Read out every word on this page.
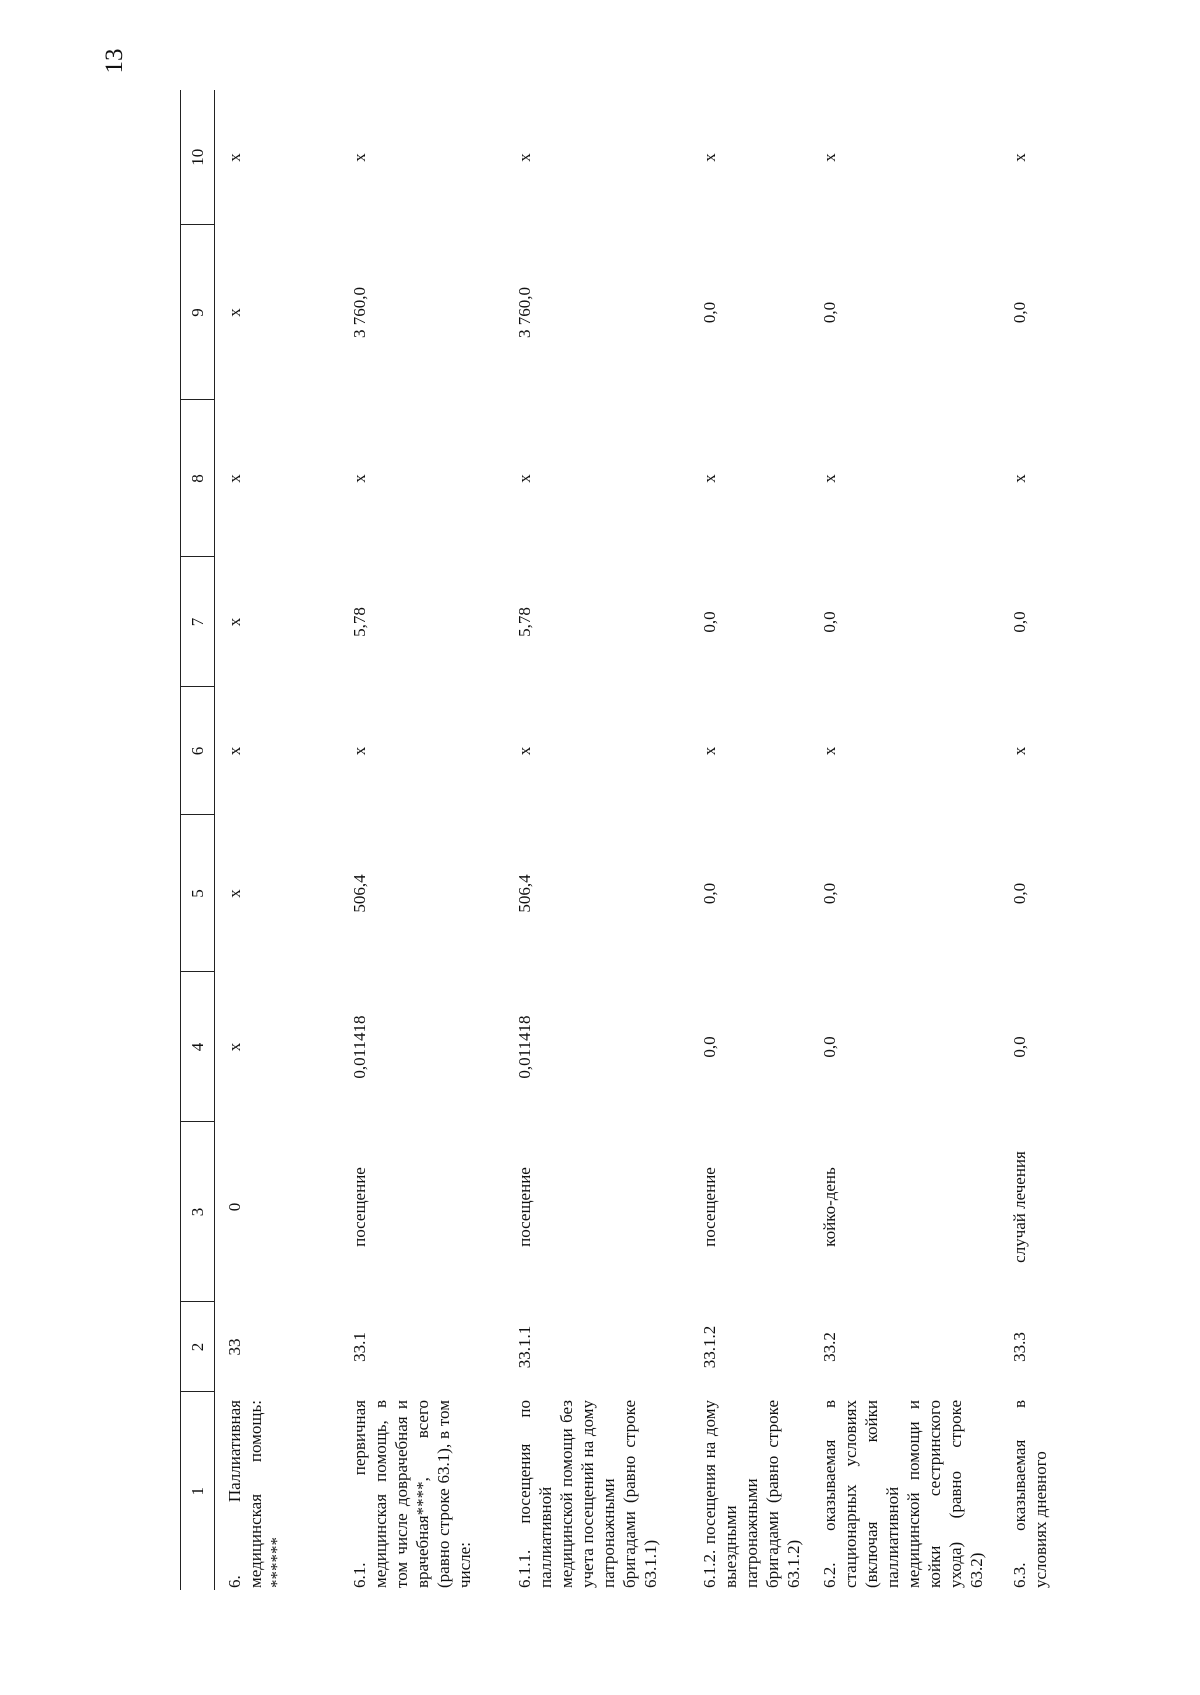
13
1	2	3	4	5	6	7	8	9	10
6. Паллиативная медицинская помощь: ******	33	0	х	х	х	х	х	х	х
6.1. первичная медицинская помощь, в том числе доврачебная и врачебная****, всего (равно строке 63.1), в том числе:	33.1	посещение	0,011418	506,4	х	5,78	х	3 760,0	х
6.1.1. посещения по паллиативной медицинской помощи без учета посещений на дому патронажными бригадами (равно строке 63.1.1)	33.1.1	посещение	0,011418	506,4	х	5,78	х	3 760,0	х
6.1.2. посещения на дому выездными патронажными бригадами (равно строке 63.1.2)	33.1.2	посещение	0,0	0,0	х	0,0	х	0,0	х
6.2. оказываемая в стационарных условиях (включая койки паллиативной медицинской помощи и койки сестринского ухода) (равно строке 63.2)	33.2	койко-день	0,0	0,0	х	0,0	х	0,0	х
6.3. оказываемая в условиях дневного	33.3	случай лечения	0,0	0,0	х	0,0	х	0,0	х
